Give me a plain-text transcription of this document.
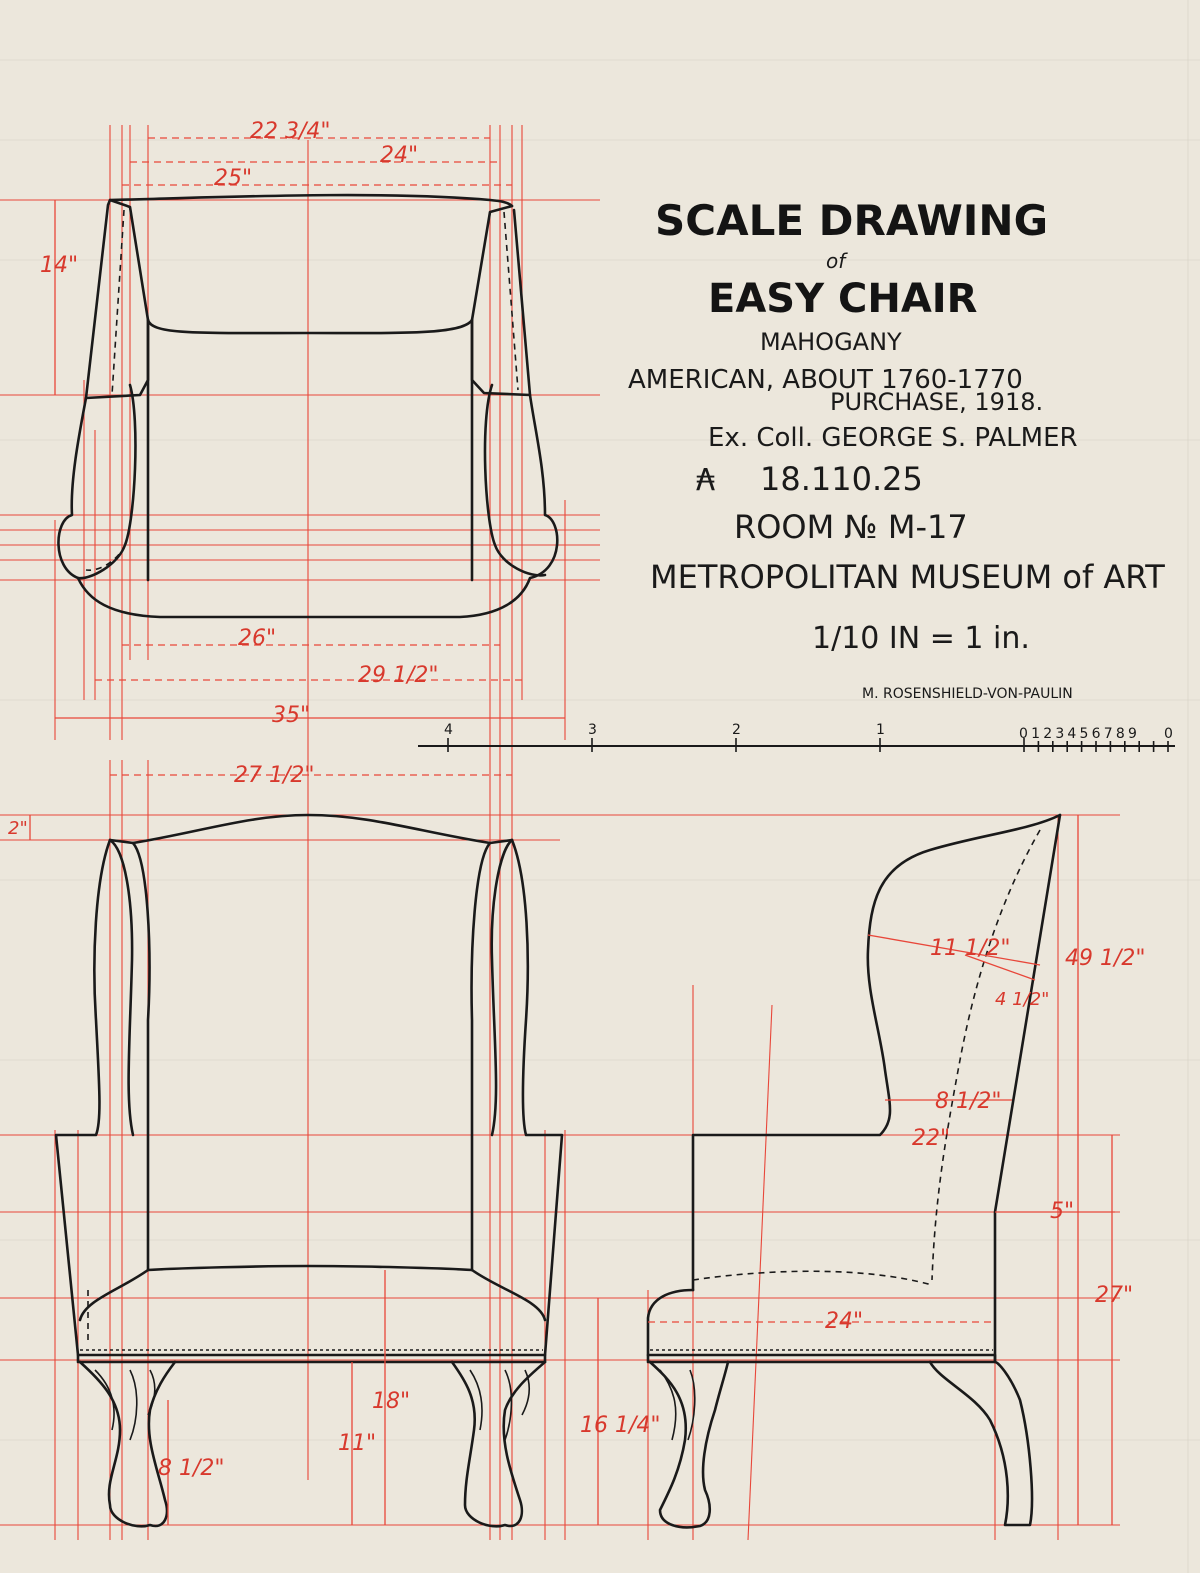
22 3/4"
24"
25"
14"
26"
29 1/2"
35"
27 1/2"
2"
18"
11"
8 1/2"
11 1/2"
4 1/2"
49 1/2"
8 1/2"
22"
5"
27"
24"
16 1/4"
SCALE DRAWING
of
EASY CHAIR
MAHOGANY
AMERICAN, ABOUT 1760-1770
PURCHASE, 1918.
Ex. Coll. GEORGE S. PALMER
₳ 18.110.25
ROOM № M-17
METROPOLITAN MUSEUM of ART
1/10 IN = 1 in.
M. ROSENSHIELD-VON-PAULIN
4	3	2	1	0123456789 0
